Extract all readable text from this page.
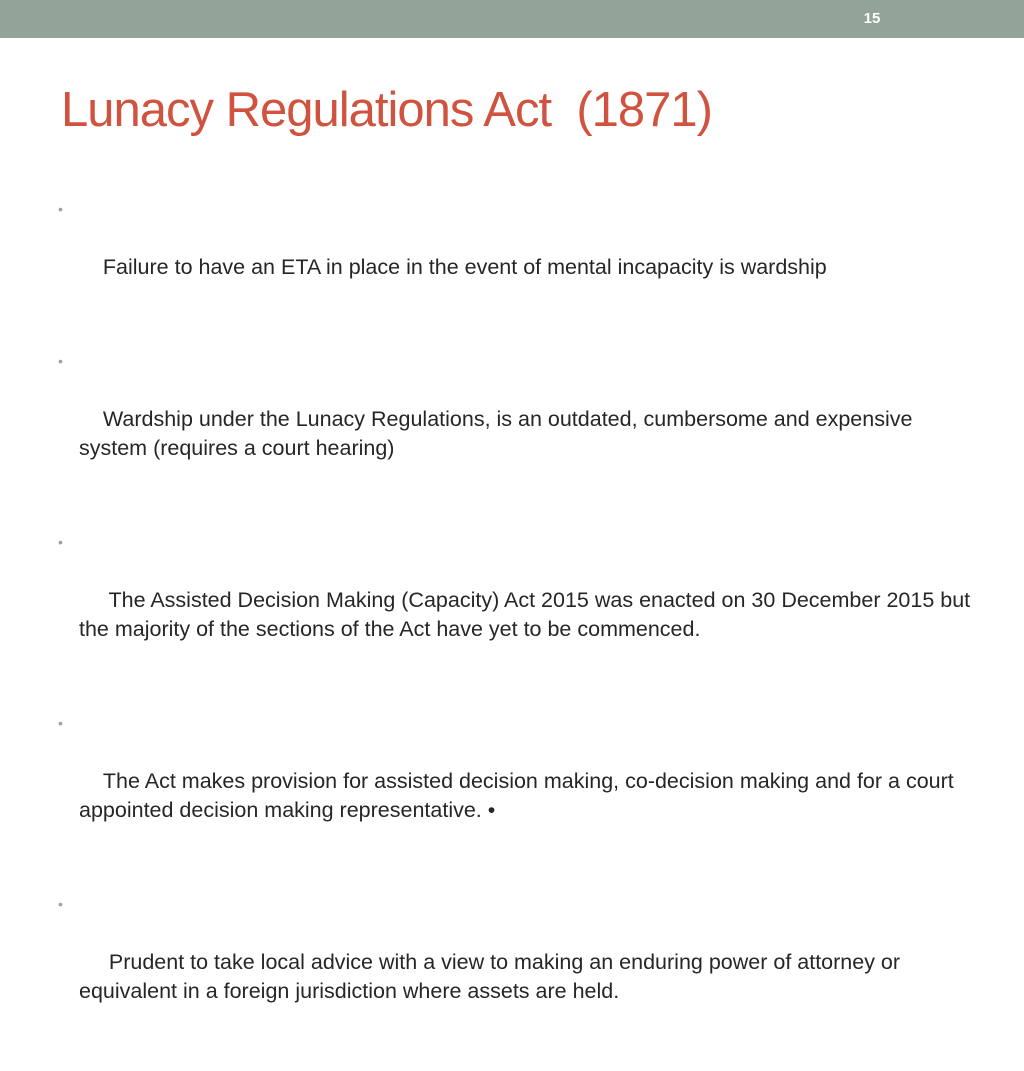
15
Lunacy Regulations Act  (1871)

•

Failure to have an ETA in place in the event of mental incapacity is wardship

•

Wardship under the Lunacy Regulations, is an outdated, cumbersome and expensive system (requires a court hearing)

•

The Assisted Decision Making (Capacity) Act 2015 was enacted on 30 December 2015 but the majority of the sections of the Act have yet to be commenced.

•

The Act makes provision for assisted decision making, co-decision making and for a court appointed decision making representative. •

•

Prudent to take local advice with a view to making an enduring power of attorney or equivalent in a foreign jurisdiction where assets are held.
